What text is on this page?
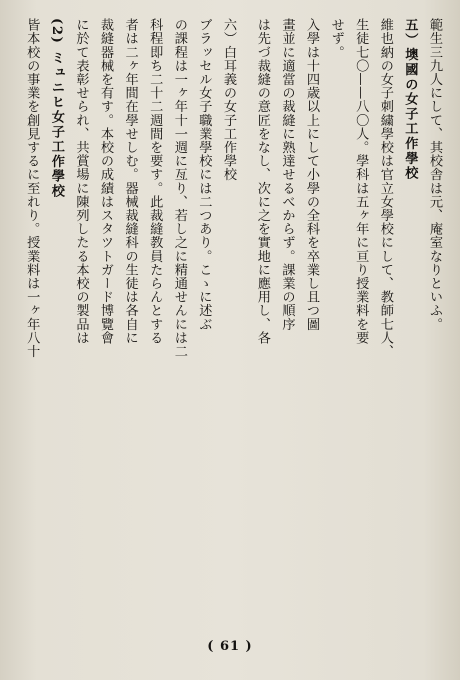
範生三九人にして、其校舎は元、庵室なりといふ。
五）墺國の女子工作學校
維也納の女子刺繍學校は官立女學校にして、教師七人、
生徒七〇——八〇人。學科は五ヶ年に亘り授業料を要
せず。
入學は十四歳以上にして小學の全科を卒業し且つ圖
畫並に適當の裁縫に熟達せるべからず。課業の順序
は先づ裁縫の意匠をなし、次に之を實地に應用し、各
六）白耳義の女子工作學校
ブラッセル女子職業學校には二つあり。こゝに述ぶ
の課程は一ヶ年十一週に亙り、若し之に精通せんには二
科程即ち二十二週間を要す。此裁縫教員たらんとする
者は二ヶ年間在學せしむ。器械裁縫科の生徒は各自に
裁縫器械を有す。本校の成績はスタツトガード博覽會
に於て表彰せられ、共賞場に陳列したる本校の製品は
(2) ミュニヒ女子工作學校
皆本校の事業を創見するに至れり。授業料は一ヶ年八十
( 61 )
